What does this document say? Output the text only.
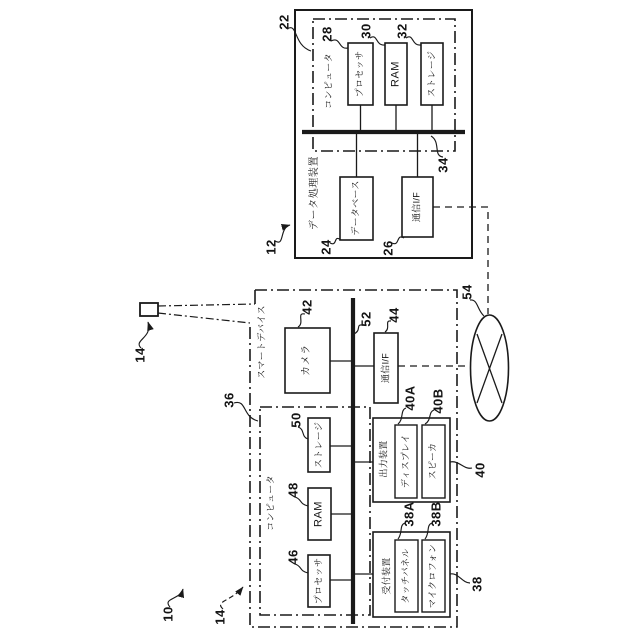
データ処理装置
コンピュータ プロセッサ RAM	ストレージ
データベース	通信I/F
22
28 30 32
34
24	26
12
スマートデバイス
コンピュータ
カメラ	通信I/F
ストレージ
RAM
プロセッサ
出力装置 ディスプレイ スピーカ
受付装置 タッチパネル マイクロフォン
14
36
42
52 44
50
48
46
40A 40B
40
38A 38B
38
54
10	14
